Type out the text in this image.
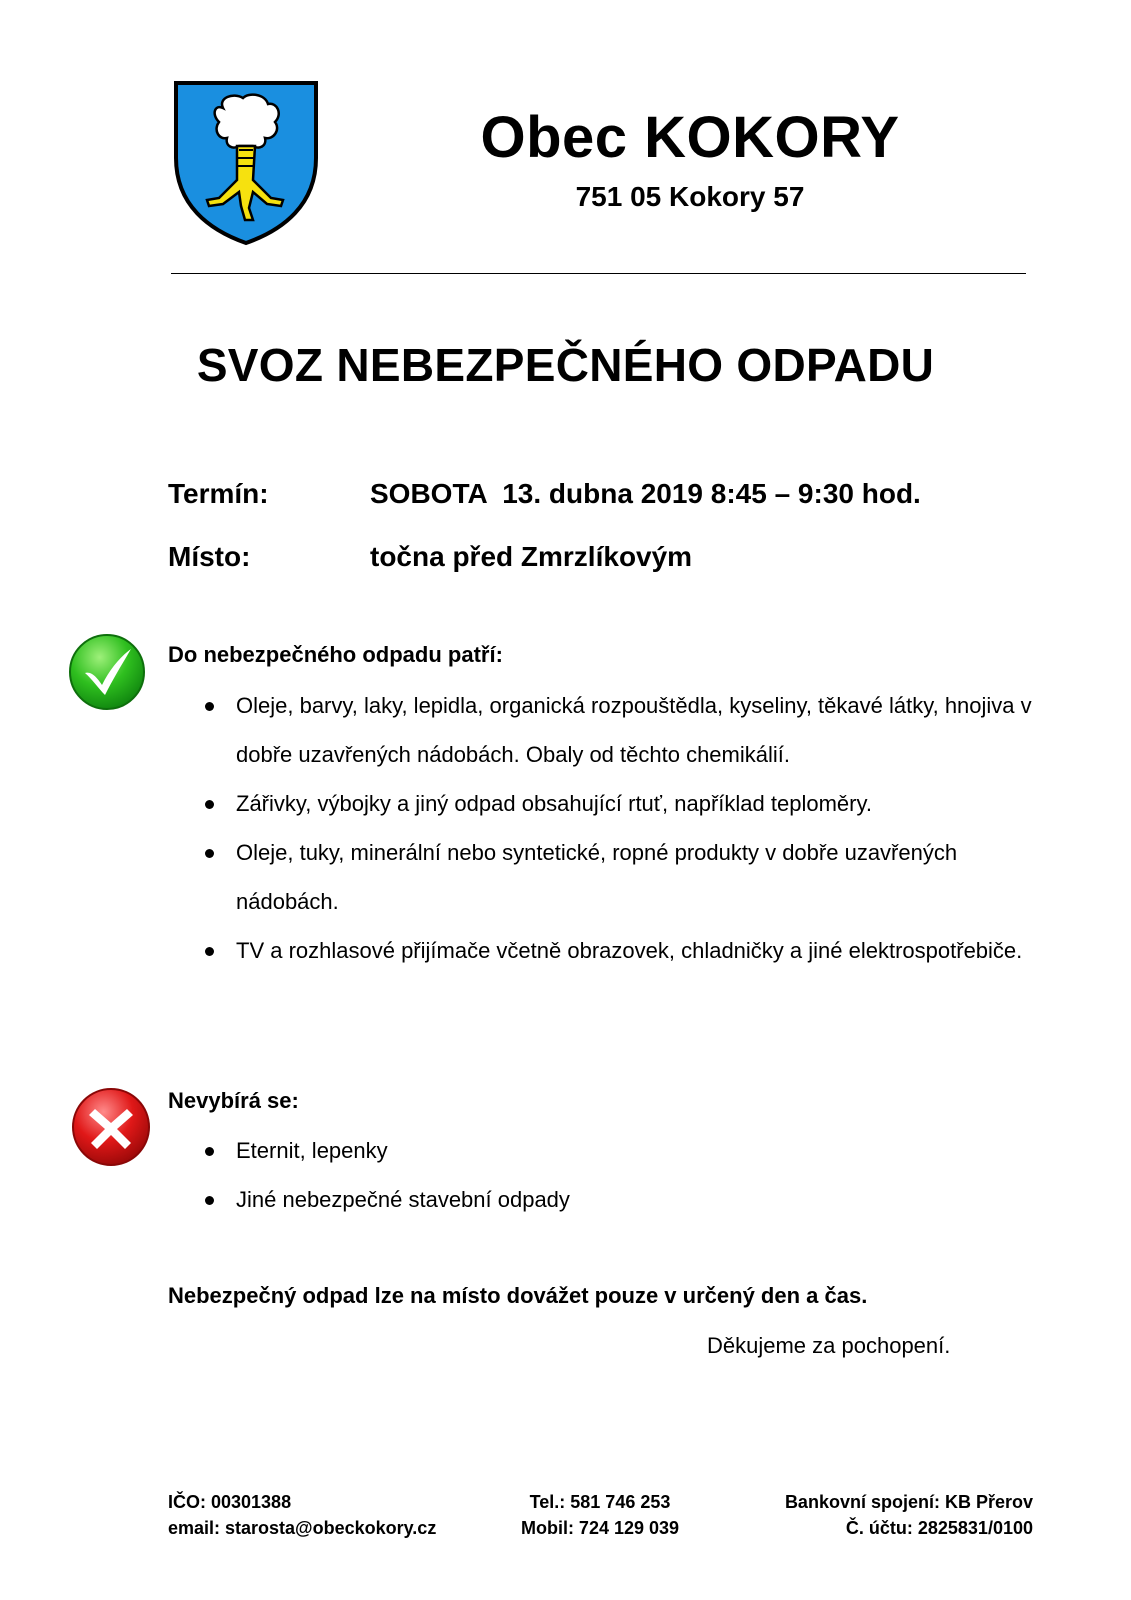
Obec KOKORY
751 05 Kokory 57
SVOZ NEBEZPEČNÉHO ODPADU
Termín:	SOBOTA  13. dubna 2019 8:45 – 9:30 hod.
Místo:	točna před Zmrzlíkovým
Do nebezpečného odpadu patří:
Oleje, barvy, laky, lepidla, organická rozpouštědla, kyseliny, těkavé látky, hnojiva v dobře uzavřených nádobách. Obaly od těchto chemikálií.
Zářivky, výbojky a jiný odpad obsahující rtuť, například teploměry.
Oleje, tuky, minerální nebo syntetické, ropné produkty v dobře uzavřených nádobách.
TV a rozhlasové přijímače včetně obrazovek, chladničky a jiné elektrospotřebiče.
Nevybírá se:
Eternit, lepenky
Jiné nebezpečné stavební odpady
Nebezpečný odpad lze na místo dovážet pouze v určený den a čas.
Děkujeme za pochopení.
IČO: 00301388
email: starosta@obeckokory.cz
Tel.: 581 746 253
Mobil: 724 129 039
Bankovní spojení: KB Přerov
Č. účtu: 2825831/0100
